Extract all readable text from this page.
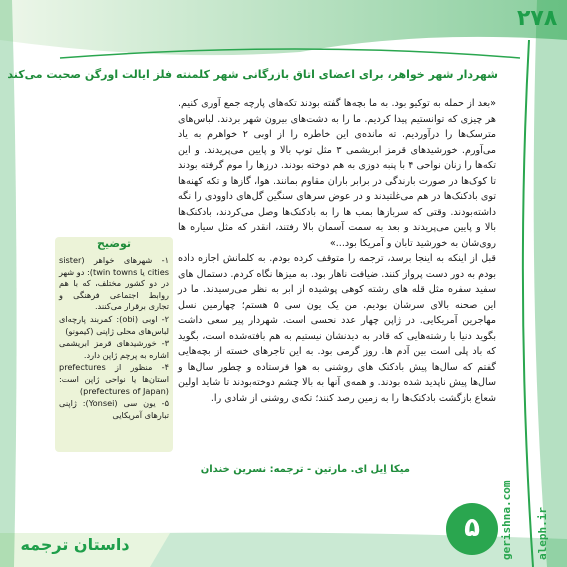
۲۷۸
شهردار شهر خواهر، برای اعضای اتاق بازرگانی شهر کلمنته فلز ایالت اورگن صحبت می‌کند

«بعد از حمله به توکیو بود. به ما بچه‌ها گفته بودند تکه‌های پارچه جمع آوری کنیم. هر چیزی که توانستیم پیدا کردیم. ما را به دشت‌های بیرون شهر بردند. لباس‌های مترسک‌ها را درآوردیم. ته مانده‌ی این خاطره را از اوبی ۲ خواهرم به یاد می‌آورم. خورشیدهای قرمز ابریشمی ۳ مثل توپ بالا و پایین می‌پریدند. و این تکه‌ها را زنان نواحی ۴ با پنبه دوزی به هم دوخته بودند. درزها را موم گرفته بودند تا کوک‌ها در صورت بارندگی در برابر باران مقاوم بمانند. هوا، گازها و تکه کهنه‌ها توی بادکنک‌ها در هم می‌غلتیدند و در عوض سرهای سنگین گل‌های داوودی را نگه داشته‌بودند. وقتی که سربازها بمب ها را به بادکنک‌ها وصل می‌کردند، بادکنک‌ها بالا و پایین می‌پریدند و بعد به سمت آسمان بالا رفتند، انقدر که مثل سیاره ها روی‌شان به خورشید تابان و آمریکا بود...»

قبل از اینکه به اینجا برسد، ترجمه را متوقف کرده بودم. به کلمانش اجازه داده بودم به دور دست پرواز کنند. ضیافت ناهار بود. به میزها نگاه کردم. دستمال های سفید سفره مثل قله های رشته کوهی پوشیده از ابر به نظر می‌رسیدند. ما در این صحنه بالای سرشان بودیم. من یک یون سی ۵ هستم؛ چهارمین نسل مهاجرین آمریکایی. در ژاپن چهار عدد نحسی است. شهردار پیر سعی داشت بگوید دنیا با رشته‌هایی که قادر به دیدنشان نیستیم به هم بافته‌شده است، بگوید که باد پلی است بین آدم ها. روز گرمی بود. به این تاجرهای خسته از بچه‌هایی گفتم که سال‌ها پیش بادکنک های روشنی به هوا فرستاده و چطور سال‌ها و سال‌ها پیش ناپدید شده بودند. و همه‌ی آنها به بالا چشم دوخته‌بودند تا شاید اولین شعاع بازگشت بادکنک‌ها را به زمین رصد کنند؛ تکه‌ی روشنی از شادی را.

توضیح

۱- شهرهای خواهر (sister cities یا twin towns): دو شهر در دو کشور مختلف، که با هم روابط اجتماعی فرهنگی و تجاری برقرار می‌کنند.

۲- اوبی (obi): کمربند پارچه‌ای لباس‌های محلی ژاپنی (کیمونو)

۳- خورشیدهای قرمز ابریشمی اشاره به پرچم ژاپن دارد.

۴- منظور از prefectures استان‌ها یا نواحی ژاپن است: (prefectures of Japan)

۵- یون سی (Yonsei): ژاپنی تبارهای آمریکایی

میکا اِیل ای‌. مارتین - ترجمه: نسرین خندان
۵
داستان ترجمه	gerishna.com aleph.ir
